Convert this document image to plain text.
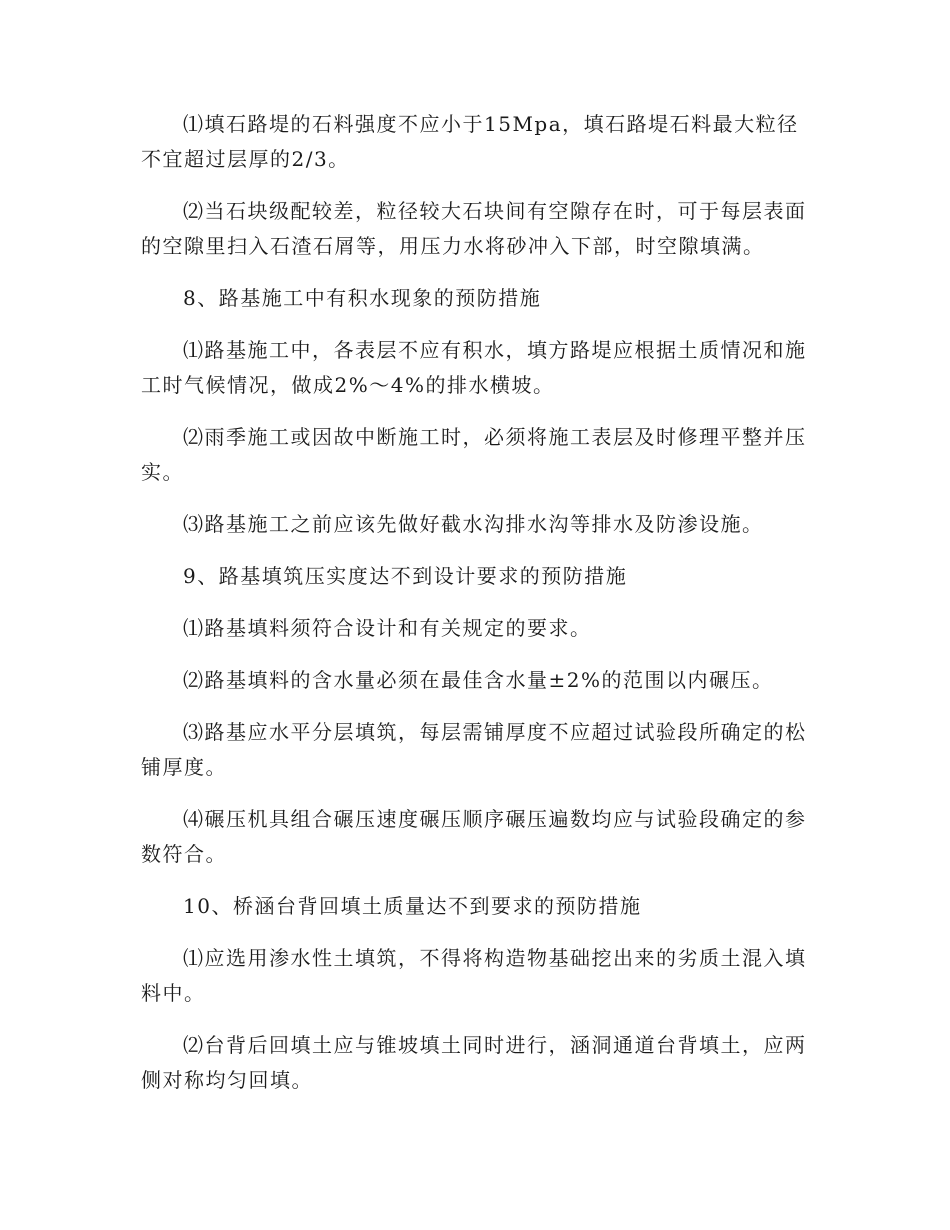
⑴填石路堤的石料强度不应小于15Mpa，填石路堤石料最大粒径不宜超过层厚的2/3。

⑵当石块级配较差，粒径较大石块间有空隙存在时，可于每层表面的空隙里扫入石渣石屑等，用压力水将砂冲入下部，时空隙填满。

8、路基施工中有积水现象的预防措施

⑴路基施工中，各表层不应有积水，填方路堤应根据土质情况和施工时气候情况，做成2%～4%的排水横坡。

⑵雨季施工或因故中断施工时，必须将施工表层及时修理平整并压实。

⑶路基施工之前应该先做好截水沟排水沟等排水及防渗设施。

9、路基填筑压实度达不到设计要求的预防措施

⑴路基填料须符合设计和有关规定的要求。

⑵路基填料的含水量必须在最佳含水量±2%的范围以内碾压。

⑶路基应水平分层填筑，每层需铺厚度不应超过试验段所确定的松铺厚度。

⑷碾压机具组合碾压速度碾压顺序碾压遍数均应与试验段确定的参数符合。

10、桥涵台背回填土质量达不到要求的预防措施

⑴应选用渗水性土填筑，不得将构造物基础挖出来的劣质土混入填料中。

⑵台背后回填土应与锥坡填土同时进行，涵洞通道台背填土，应两侧对称均匀回填。
